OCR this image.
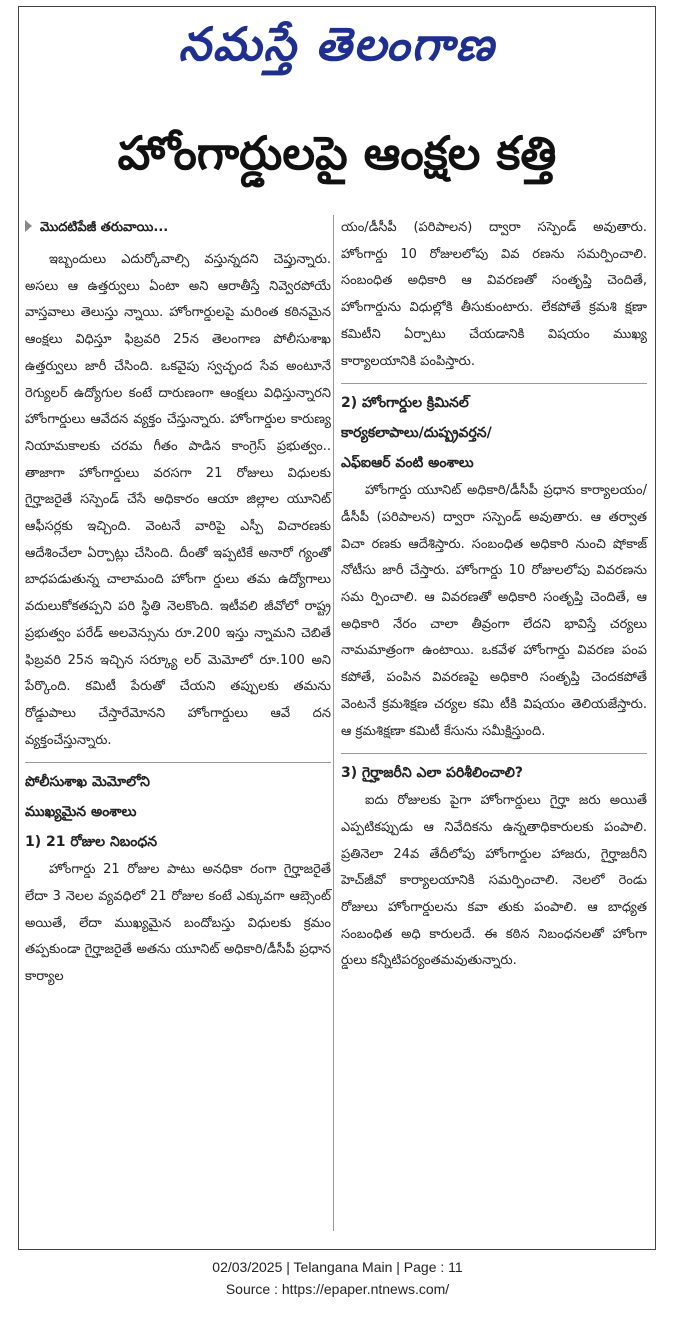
నమస్తే తెలంగాణ
హోంగార్డులపై ఆంక్షల కత్తి

మొదటిపేజీ తరువాయి...

ఇబ్బందులు ఎదుర్కోవాల్సి వస్తున్నదని చెప్తున్నారు. అసలు ఆ ఉత్తర్వులు ఏంటా అని ఆరాతీస్తే నివ్వెరపోయే వాస్తవాలు తెలుస్తు న్నాయి. హోంగార్డులపై మరింత కఠినమైన ఆంక్షలు విధిస్తూ ఫిబ్రవరి 25న తెలంగాణ పోలీసుశాఖ ఉత్తర్వులు జారీ చేసింది. ఒకవైపు స్వచ్ఛంద సేవ అంటూనే రెగ్యులర్ ఉద్యోగుల కంటే దారుణంగా ఆంక్షలు విధిస్తున్నారని హోంగార్డులు ఆవేదన వ్యక్తం చేస్తున్నారు. హోంగార్డుల కారుణ్య నియామకాలకు చరమ గీతం పాడిన కాంగ్రెస్ ప్రభుత్వం.. తాజాగా హోంగార్డులు వరసగా 21 రోజులు విధులకు గైర్హాజరైతే సస్పెండ్ చేసే అధికారం ఆయా జిల్లాల యూనిట్ ఆఫీసర్లకు ఇచ్చింది. వెంటనే వారిపై ఎస్పీ విచారణకు ఆదేశించేలా ఏర్పాట్లు చేసింది. దీంతో ఇప్పటికే అనారో గ్యంతో బాధపడుతున్న చాలామంది హోంగా ర్డులు తమ ఉద్యోగాలు వదులుకోకతప్పని పరి స్థితి నెలకొంది. ఇటీవలి జీవోలో రాష్ట్ర ప్రభుత్వం పరేడ్ అలవెన్సును రూ.200 ఇస్తు న్నామని చెబితే ఫిబ్రవరి 25న ఇచ్చిన సర్క్యూ లర్ మెమోలో రూ.100 అని పేర్కొంది. కమిటీ పేరుతో చేయని తప్పులకు తమను రోడ్డుపాలు చేస్తారేమోనని హోంగార్డులు ఆవే దన వ్యక్తంచేస్తున్నారు.

పోలీసుశాఖ మెమోలోని

ముఖ్యమైన అంశాలు

1) 21 రోజుల నిబంధన

హోంగార్డు 21 రోజుల పాటు అనధికా రంగా గైర్హాజరైతే లేదా 3 నెలల వ్యవధిలో 21 రోజుల కంటే ఎక్కువగా ఆబ్సెంట్ అయితే, లేదా ముఖ్యమైన బందోబస్తు విధులకు క్రమం తప్పకుండా గైర్హాజరైతే అతను యూనిట్ అధికారి/డీసీపీ ప్రధాన కార్యాల

యం/డీసీపీ (పరిపాలన) ద్వారా సస్పెండ్ అవుతారు. హోంగార్డు 10 రోజులలోపు వివ రణను సమర్పించాలి. సంబంధిత అధికారి ఆ వివరణతో సంతృప్తి చెందితే, హోంగార్డును విధుల్లోకి తీసుకుంటారు. లేకపోతే క్రమశి క్షణా కమిటీని ఏర్పాటు చేయడానికి విషయం ముఖ్య కార్యాలయానికి పంపిస్తారు.

2) హోంగార్డుల క్రిమినల్

కార్యకలాపాలు/దుష్ప్రవర్తన/

ఎఫ్ఐఆర్ వంటి అంశాలు

హోంగార్డు యూనిట్ అధికారి/డీసీపీ ప్రధాన కార్యాలయం/డీసీపీ (పరిపాలన) ద్వారా సస్పెండ్ అవుతారు. ఆ తర్వాత విచా రణకు ఆదేశిస్తారు. సంబంధిత అధికారి నుంచి షోకాజ్ నోటీసు జారీ చేస్తారు. హోంగార్డు 10 రోజులలోపు వివరణను సమ ర్పించాలి. ఆ వివరణతో అధికారి సంతృప్తి చెందితే, ఆ అధికారి నేరం చాలా తీవ్రంగా లేదని భావిస్తే చర్యలు నామమాత్రంగా ఉంటాయి. ఒకవేళ హోంగార్డు వివరణ పంప కపోతే, పంపిన వివరణపై అధికారి సంతృప్తి చెందకపోతే వెంటనే క్రమశిక్షణ చర్యల కమి టీకి విషయం తెలియజేస్తారు. ఆ క్రమశిక్షణా కమిటీ కేసును సమీక్షిస్తుంది.

3) గైర్హాజరీని ఎలా పరిశీలించాలి?

ఐదు రోజులకు పైగా హోంగార్డులు గైర్హా జరు అయితే ఎప్పటికప్పుడు ఆ నివేదికను ఉన్నతాధికారులకు పంపాలి. ప్రతినెలా 24వ తేదీలోపు హోంగార్డుల హాజరు, గైర్హాజరీని హెచ్‌జీవో కార్యాలయానికి సమర్పించాలి. నెలలో రెండు రోజులు హోంగార్డులను కవా తుకు పంపాలి. ఆ బాధ్యత సంబంధిత అధి కారులదే. ఈ కఠిన నిబంధనలతో హోంగా ర్డులు కన్నీటిపర్యంతమవుతున్నారు.

02/03/2025 | Telangana Main | Page : 11
Source : https://epaper.ntnews.com/
